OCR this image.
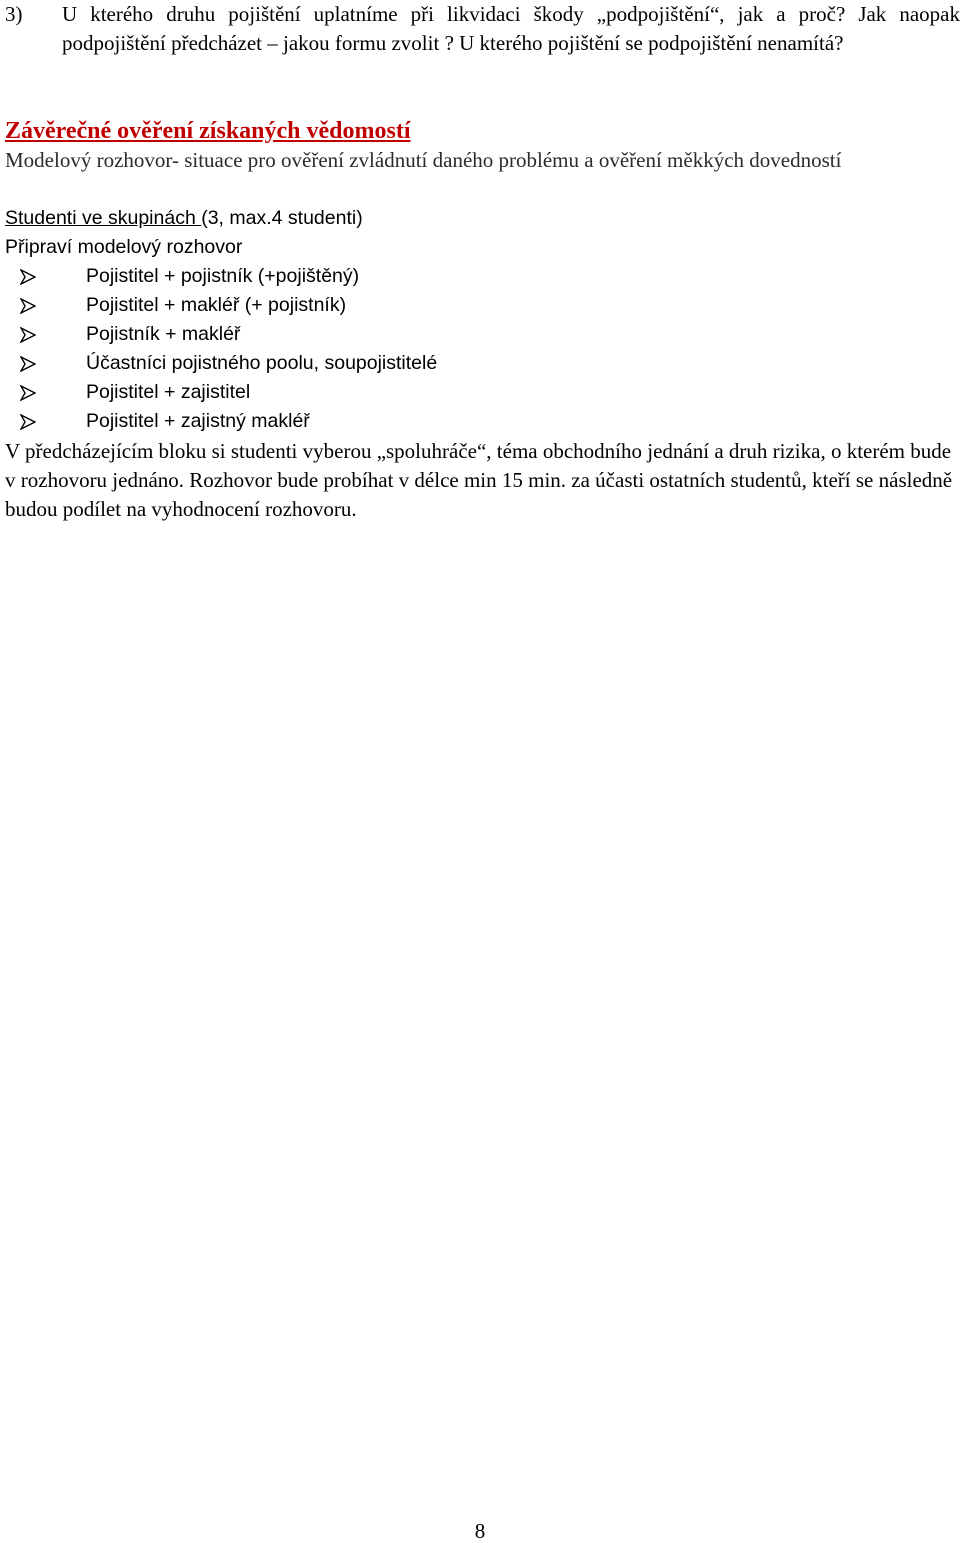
3)	U kterého druhu pojištění uplatníme při likvidaci škody „podpojištění“, jak a proč? Jak naopak podpojištění předcházet – jakou formu zvolit ? U kterého pojištění se podpojištění nenamítá?
Závěrečné ověření získaných vědomostí

Modelový rozhovor- situace pro ověření zvládnutí daného problému a ověření měkkých dovedností

Studenti ve skupinách (3, max.4 studenti)

Připraví modelový rozhovor

Pojistitel + pojistník (+pojištěný)
Pojistitel + makléř (+ pojistník)
Pojistník + makléř
Účastníci pojistného poolu, soupojistitelé
Pojistitel + zajistitel
Pojistitel + zajistný makléř

V předcházejícím bloku si studenti vyberou „spoluhráče“, téma obchodního jednání a druh rizika, o kterém bude v rozhovoru jednáno. Rozhovor bude probíhat v délce min 15 min. za účasti ostatních studentů, kteří se následně budou podílet na vyhodnocení rozhovoru.

8
